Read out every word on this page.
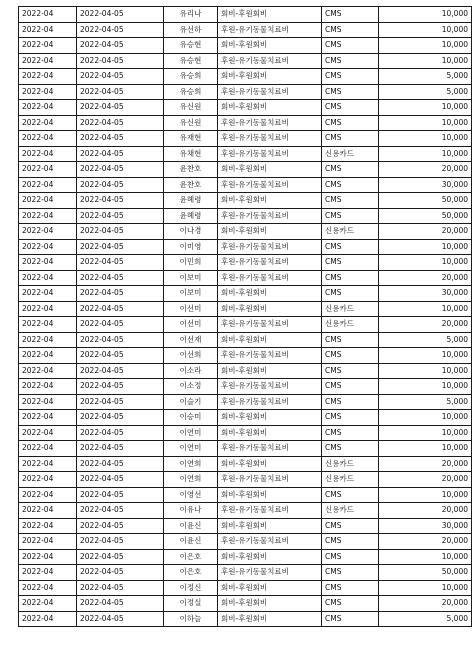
2022-04	2022-04-05	유리나	회비-후원회비	CMS	10,000
2022-04	2022-04-05	유선하	후원-유기동물치료비	CMS	10,000
2022-04	2022-04-05	유승현	회비-후원회비	CMS	10,000
2022-04	2022-04-05	유승현	후원-유기동물치료비	CMS	10,000
2022-04	2022-04-05	유승희	회비-후원회비	CMS	5,000
2022-04	2022-04-05	유승희	후원-유기동물치료비	CMS	5,000
2022-04	2022-04-05	유신원	회비-후원회비	CMS	10,000
2022-04	2022-04-05	유신원	후원-유기동물치료비	CMS	10,000
2022-04	2022-04-05	유재현	후원-유기동물치료비	CMS	10,000
2022-04	2022-04-05	유채현	후원-유기동물치료비	신용카드	10,000
2022-04	2022-04-05	윤찬호	회비-후원회비	CMS	20,000
2022-04	2022-04-05	윤찬호	후원-유기동물치료비	CMS	30,000
2022-04	2022-04-05	윤혜령	회비-후원회비	CMS	50,000
2022-04	2022-04-05	윤혜령	후원-유기동물치료비	CMS	50,000
2022-04	2022-04-05	이나경	회비-후원회비	신용카드	20,000
2022-04	2022-04-05	이미영	후원-유기동물치료비	CMS	10,000
2022-04	2022-04-05	이민희	후원-유기동물치료비	CMS	10,000
2022-04	2022-04-05	이보미	후원-유기동물치료비	CMS	20,000
2022-04	2022-04-05	이보미	회비-후원회비	CMS	30,000
2022-04	2022-04-05	이선미	회비-후원회비	신용카드	10,000
2022-04	2022-04-05	이선미	후원-유기동물치료비	신용카드	20,000
2022-04	2022-04-05	이선재	회비-후원회비	CMS	5,000
2022-04	2022-04-05	이선희	후원-유기동물치료비	CMS	10,000
2022-04	2022-04-05	이소라	회비-후원회비	CMS	10,000
2022-04	2022-04-05	이소정	후원-유기동물치료비	CMS	10,000
2022-04	2022-04-05	이슬기	후원-유기동물치료비	CMS	5,000
2022-04	2022-04-05	이승미	회비-후원회비	CMS	10,000
2022-04	2022-04-05	이연미	회비-후원회비	CMS	10,000
2022-04	2022-04-05	이연미	후원-유기동물치료비	CMS	10,000
2022-04	2022-04-05	이연희	회비-후원회비	신용카드	20,000
2022-04	2022-04-05	이연희	후원-유기동물치료비	신용카드	20,000
2022-04	2022-04-05	이영선	회비-후원회비	CMS	10,000
2022-04	2022-04-05	이유나	후원-유기동물치료비	신용카드	20,000
2022-04	2022-04-05	이윤신	회비-후원회비	CMS	30,000
2022-04	2022-04-05	이윤신	후원-유기동물치료비	CMS	20,000
2022-04	2022-04-05	이은호	회비-후원회비	CMS	10,000
2022-04	2022-04-05	이은호	후원-유기동물치료비	CMS	50,000
2022-04	2022-04-05	이정신	회비-후원회비	CMS	10,000
2022-04	2022-04-05	이정실	회비-후원회비	CMS	20,000
2022-04	2022-04-05	이하늘	회비-후원회비	CMS	5,000
